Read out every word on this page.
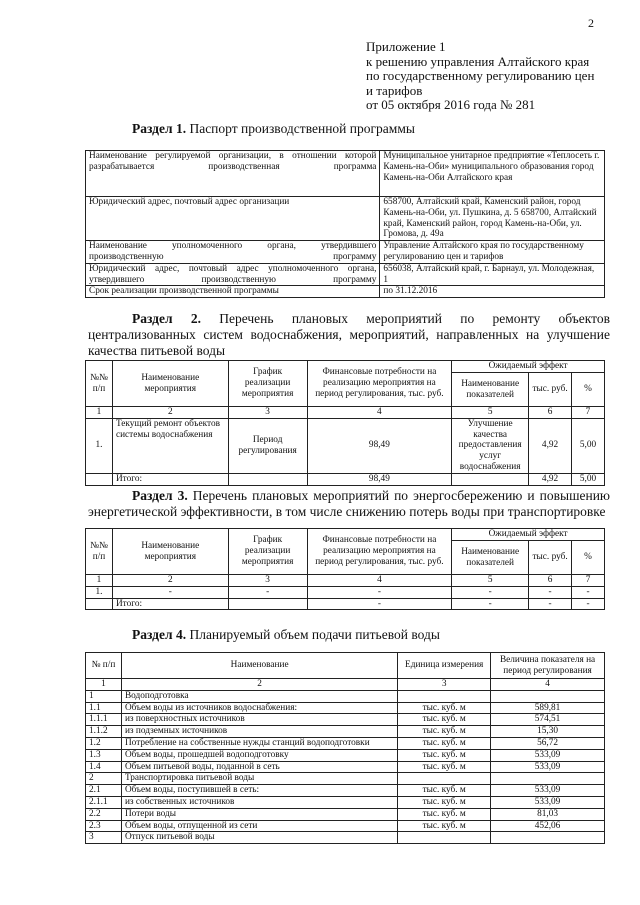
2
Приложение 1
к решению управления Алтайского края
по государственному регулированию цен
и тарифов
от 05 октября 2016 года № 281
Раздел 1. Паспорт производственной программы
Наименование регулируемой организации, в отношении которой разрабатывается производственная программа	Муниципальное унитарное предприятие «Теплосеть г. Камень-на-Оби» муниципального образования город Камень-на-Оби Алтайского края
Юридический адрес, почтовый адрес организации	658700, Алтайский край, Каменский район, город Камень-на-Оби, ул. Пушкина, д. 5 658700, Алтайский край, Каменский район, город Камень-на-Оби, ул. Громова, д. 49а
Наименование уполномоченного органа, утвердившего производственную программу	Управление Алтайского края по государственному регулированию цен и тарифов
Юридический адрес, почтовый адрес уполномоченного органа, утвердившего производственную программу	656038, Алтайский край, г. Барнаул, ул. Молодежная, 1
Срок реализации производственной программы	по 31.12.2016
Раздел 2. Перечень плановых мероприятий по ремонту объектов централизованных систем водоснабжения, мероприятий, направленных на улучшение качества питьевой воды
№№ п/п	Наименование мероприятия	График реализации мероприятия	Финансовые потребности на реализацию мероприятия на период регулирования, тыс. руб.	Ожидаемый эффект		
				Наименование показателей	тыс. руб.	%
1	2	3	4	5	6	7
1.	Текущий ремонт объектов системы водоснабжения	Период регулирования	98,49	Улучшение качества предоставления услуг водоснабжения	4,92	5,00
	Итого:		98,49		4,92	5,00
Раздел 3. Перечень плановых мероприятий по энергосбережению и повышению энергетической эффективности, в том числе снижению потерь воды при транспортировке
№№ п/п	Наименование мероприятия	График реализации мероприятия	Финансовые потребности на реализацию мероприятия на период регулирования, тыс. руб.	Ожидаемый эффект		
				Наименование показателей	тыс. руб.	%
1	2	3	4	5	6	7
1.	-	-	-	-	-	-
	Итого:		-	-	-	-
Раздел 4. Планируемый объем подачи питьевой воды
№ п/п	Наименование	Единица измерения	Величина показателя на период регулирования
1	2	3	4
1	Водоподготовка		
1.1	Объем воды из источников водоснабжения:	тыс. куб. м	589,81
1.1.1	из поверхностных источников	тыс. куб. м	574,51
1.1.2	из подземных источников	тыс. куб. м	15,30
1.2	Потребление на собственные нужды станций водоподготовки	тыс. куб. м	56,72
1.3	Объем воды, прошедшей водоподготовку	тыс. куб. м	533,09
1.4	Объем питьевой воды, поданной в сеть	тыс. куб. м	533,09
2	Транспортировка питьевой воды		
2.1	Объем воды, поступившей в сеть:	тыс. куб. м	533,09
2.1.1	из собственных источников	тыс. куб. м	533,09
2.2	Потери воды	тыс. куб. м	81,03
2.3	Объем воды, отпущенной из сети	тыс. куб. м	452,06
3	Отпуск питьевой воды		
